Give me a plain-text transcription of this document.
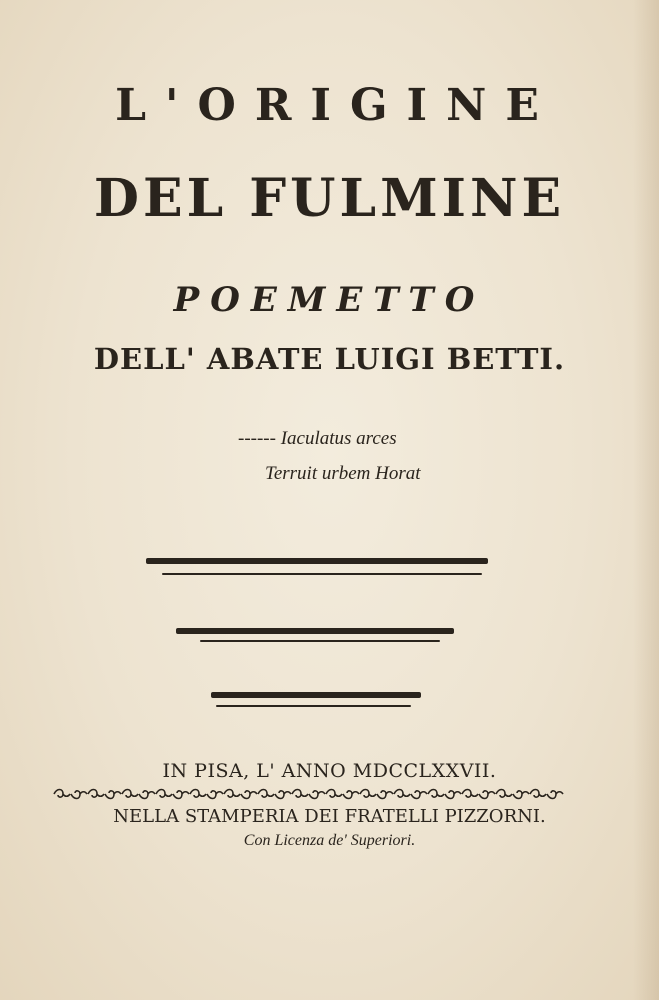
L'ORIGINE
DEL FULMINE
POEMETTO
DELL' ABATE LUIGI BETTI.
------ Iaculatus arces
Terruit urbem Horat
IN PISA, L' ANNO MDCCLXXVII.
NELLA STAMPERIA DEI FRATELLI PIZZORNI.
Con Licenza de' Superiori.
